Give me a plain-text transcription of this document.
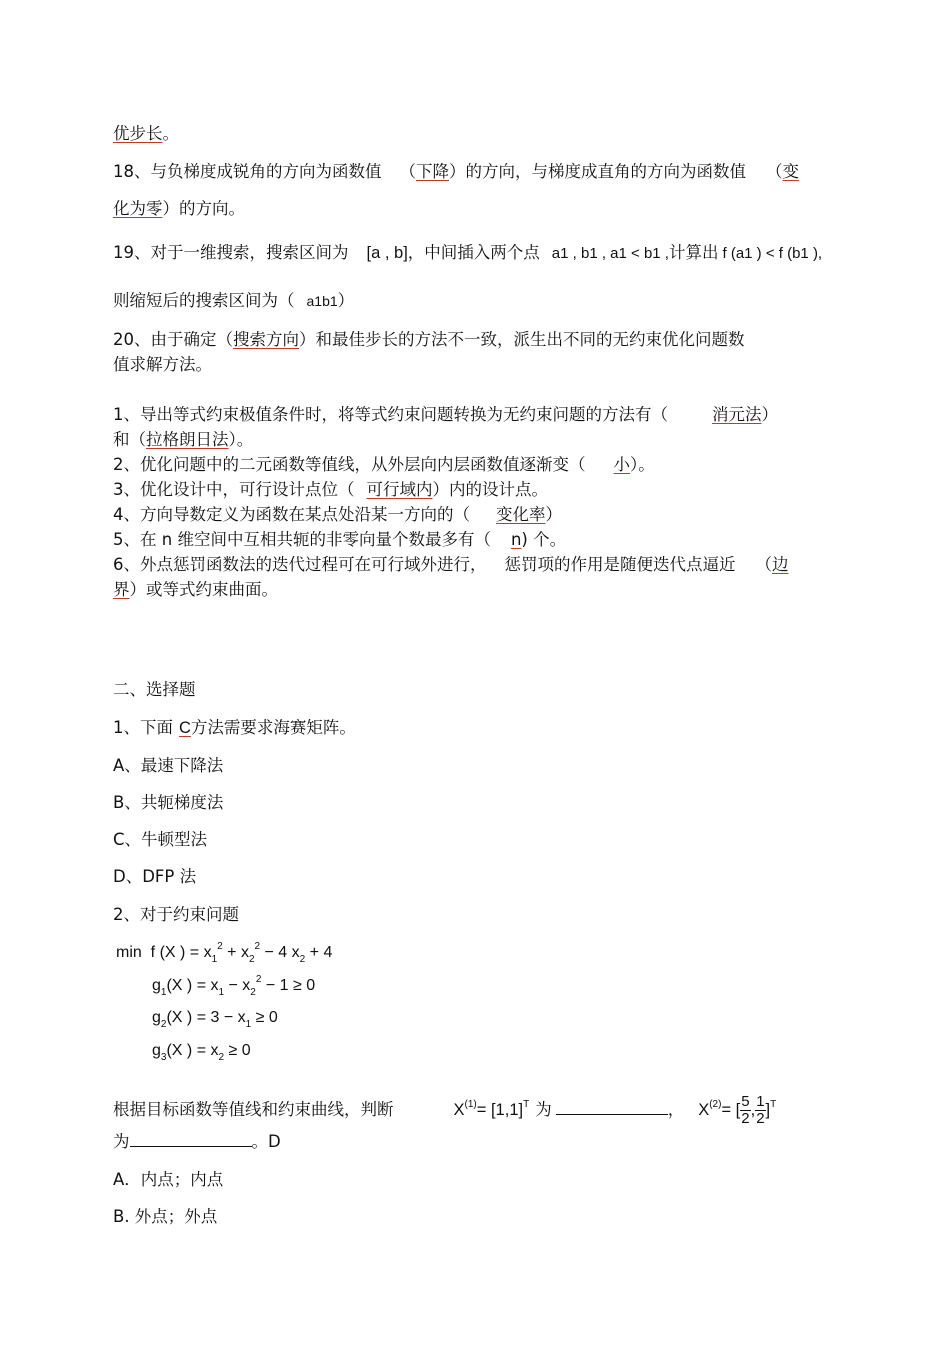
优步长。
18、与负梯度成锐角的方向为函数值 （下降）的方向，与梯度成直角的方向为函数值 （变
化为零）的方向。
19、对于一维搜索，搜索区间为 [a , b]，中间插入两个点 a1 , b1 , a1 < b1 ,计算出 f (a1 ) < f (b1 ),
则缩短后的搜索区间为（ a1b1）
20、由于确定（搜索方向）和最佳步长的方法不一致，派生出不同的无约束优化问题数
值求解方法。
1、导出等式约束极值条件时，将等式约束问题转换为无约束问题的方法有（	消元法）
和（拉格朗日法）。
2、优化问题中的二元函数等值线，从外层向内层函数值逐渐变（ 小）。
3、优化设计中，可行设计点位（ 可行域内）内的设计点。
4、方向导数定义为函数在某点处沿某一方向的（ 变化率）
5、在 n 维空间中互相共轭的非零向量个数最多有（ n) 个。
6、外点惩罚函数法的迭代过程可在可行域外进行， 惩罚项的作用是随便迭代点逼近 （边
界）或等式约束曲面。
二、选择题
1、下面 C方法需要求海赛矩阵。
A、最速下降法
B、共轭梯度法
C、牛顿型法
D、DFP 法
2、对于约束问题
min  f (X ) = $x_1^2 + x_2^2 - 4$ $x_2 + 4$
$g_1(X$ ) = $x_1 - x_2^2 - 1 \ge 0$
$g_2(X$ ) = $3 - x_1 \ge 0$
$g_3(X$ ) = $x_2 \ge 0$
根据目标函数等值线和约束曲线，判断	$X^{(1)}= [1,1]^T$ 为	， $X^{(2)}=$ [ $\frac{5}{2}$ , $\frac{1}{2} ]^T$
为	。D
A．内点；内点
B. 外点；外点
